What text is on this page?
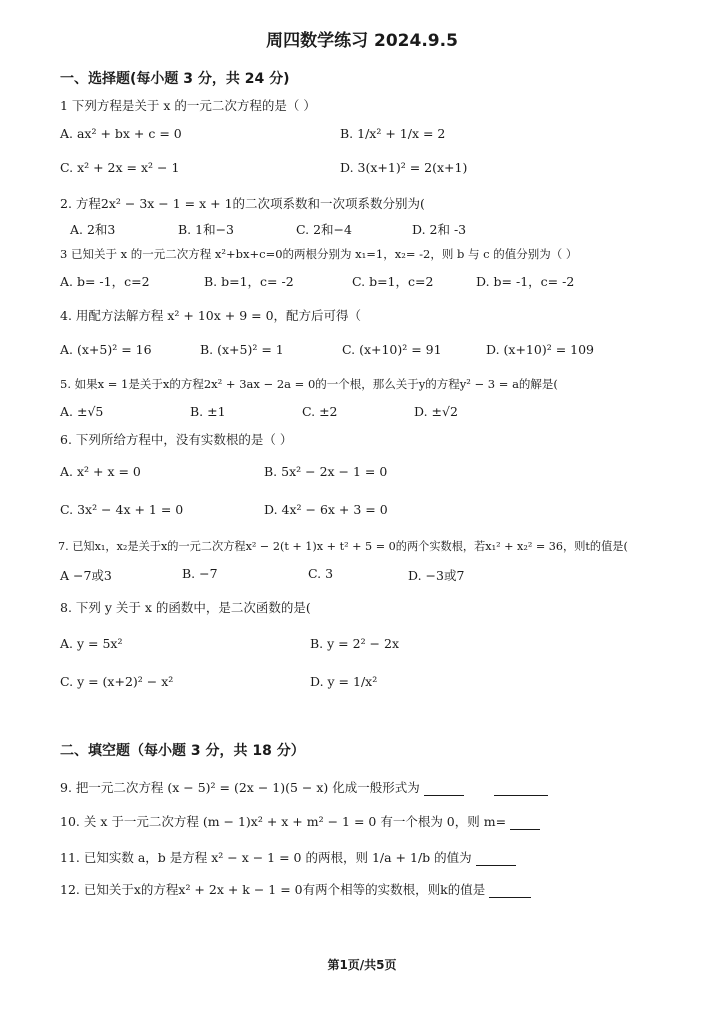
周四数学练习 2024.9.5
一、选择题(每小题 3 分，共 24 分)
1 下列方程是关于 x 的一元二次方程的是（ ）
A. ax² + bx + c = 0	B. 1/x² + 1/x = 2
C. x² + 2x = x² − 1	D. 3(x+1)² = 2(x+1)
2. 方程2x² − 3x − 1 = x + 1的二次项系数和一次项系数分别为(
A. 2和3	B. 1和−3	C. 2和−4	D. 2和 -3
3 已知关于 x 的一元二次方程 x²+bx+c=0的两根分别为 x₁=1，x₂= -2，则 b 与 c 的值分别为（ ）
A. b= -1，c=2	B. b=1，c= -2	C. b=1，c=2	D. b= -1，c= -2
4. 用配方法解方程 x² + 10x + 9 = 0，配方后可得（
A. (x+5)² = 16	B. (x+5)² = 1	C. (x+10)² = 91	D. (x+10)² = 109
5. 如果x = 1是关于x的方程2x² + 3ax − 2a = 0的一个根，那么关于y的方程y² − 3 = a的解是(
A. ±√5	B. ±1	C. ±2	D. ±√2
6. 下列所给方程中，没有实数根的是（ ）
A. x² + x = 0	B. 5x² − 2x − 1 = 0
C. 3x² − 4x + 1 = 0	D. 4x² − 6x + 3 = 0
7. 已知x₁，x₂是关于x的一元二次方程x² − 2(t + 1)x + t² + 5 = 0的两个实数根，若x₁² + x₂² = 36，则t的值是(
A −7或3	B. −7	C. 3	D. −3或7
8. 下列 y 关于 x 的函数中，是二次函数的是(
A. y = 5x²	B. y = 2² − 2x
C. y = (x+2)² − x²	D. y = 1/x²
二、填空题（每小题 3 分，共 18 分）
9. 把一元二次方程 (x − 5)² = (2x − 1)(5 − x) 化成一般形式为
10. 关 x 于一元二次方程 (m − 1)x² + x + m² − 1 = 0 有一个根为 0，则 m=
11. 已知实数 a，b 是方程 x² − x − 1 = 0 的两根，则 1/a + 1/b 的值为
12. 已知关于x的方程x² + 2x + k − 1 = 0有两个相等的实数根，则k的值是
第1页/共5页
